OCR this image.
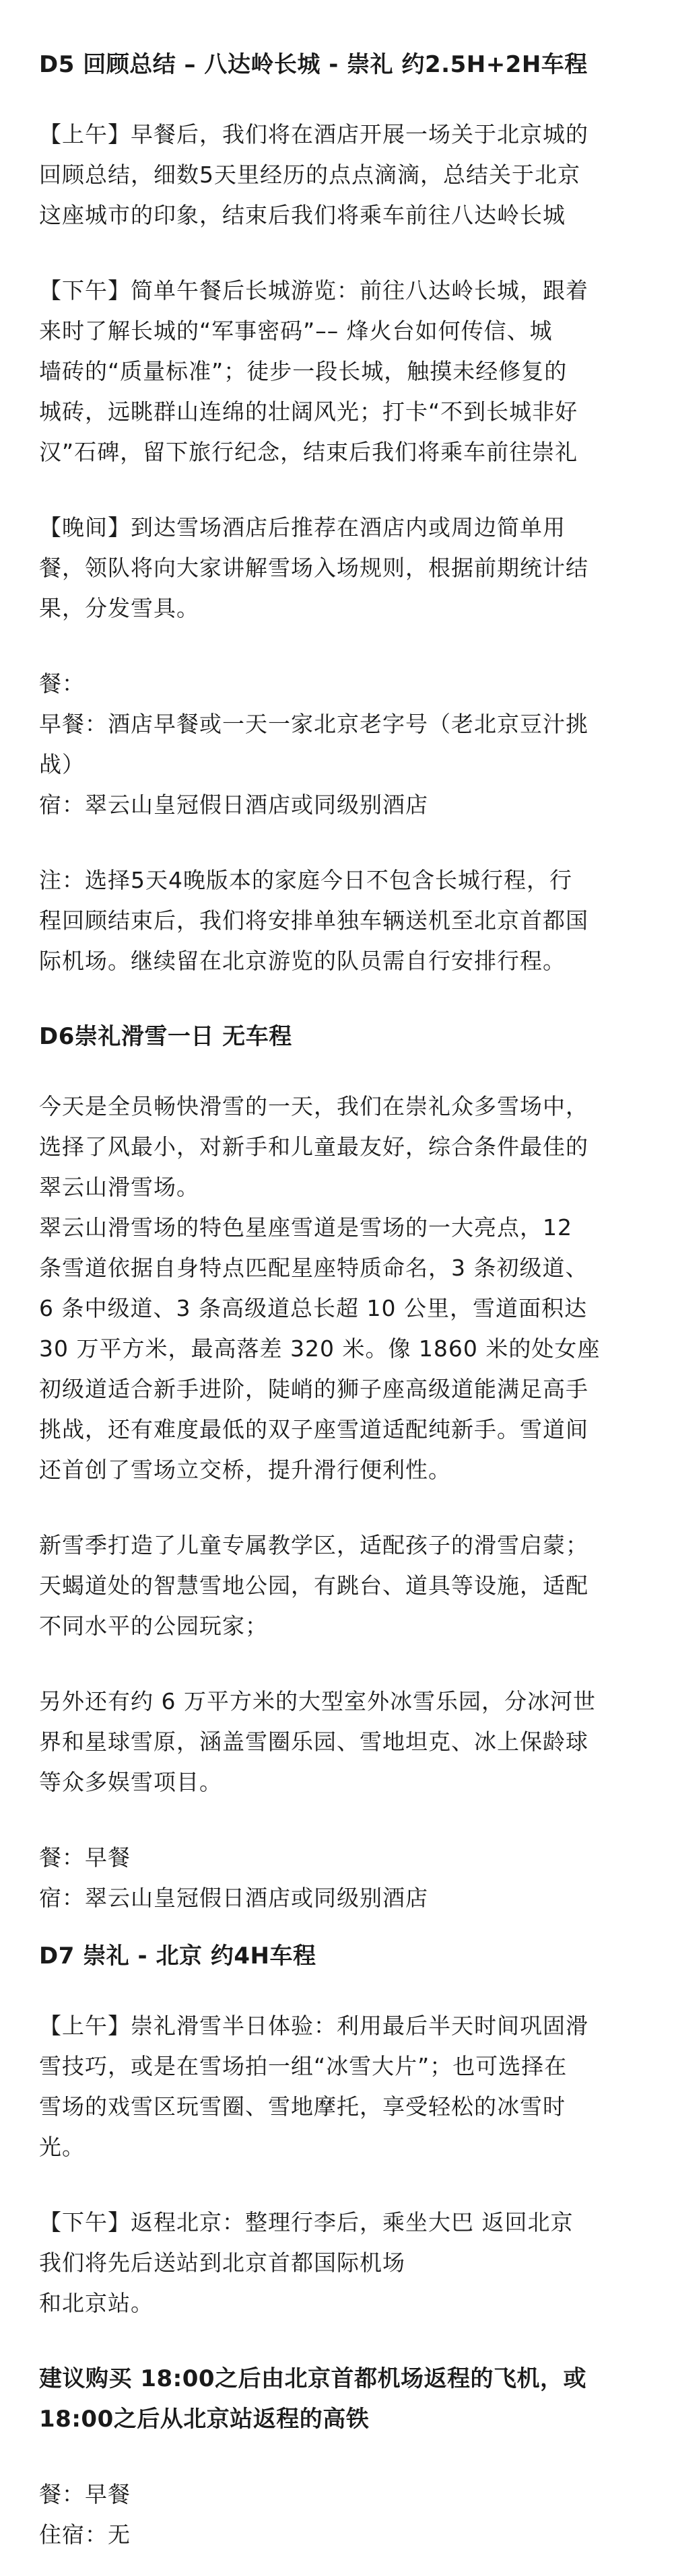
D5 回顾总结 – 八达岭长城 - 崇礼 约2.5H+2H车程
【上午】早餐后，我们将在酒店开展一场关于北京城的
回顾总结，细数5天里经历的点点滴滴，总结关于北京
这座城市的印象，结束后我们将乘车前往八达岭长城
【下午】简单午餐后长城游览：前往八达岭长城，跟着
来时了解长城的“军事密码”–– 烽火台如何传信、城
墙砖的“质量标准”；徒步一段长城，触摸未经修复的
城砖，远眺群山连绵的壮阔风光；打卡“不到长城非好
汉”石碑，留下旅行纪念，结束后我们将乘车前往崇礼
【晚间】到达雪场酒店后推荐在酒店内或周边简单用
餐，领队将向大家讲解雪场入场规则，根据前期统计结
果，分发雪具。
餐：
早餐：酒店早餐或一天一家北京老字号（老北京豆汁挑
战）
宿：翠云山皇冠假日酒店或同级别酒店
注：选择5天4晚版本的家庭今日不包含长城行程，行
程回顾结束后，我们将安排单独车辆送机至北京首都国
际机场。继续留在北京游览的队员需自行安排行程。
D6崇礼滑雪一日 无车程
今天是全员畅快滑雪的一天，我们在崇礼众多雪场中，
选择了风最小，对新手和儿童最友好，综合条件最佳的
翠云山滑雪场。
翠云山滑雪场的特色星座雪道是雪场的一大亮点，12
条雪道依据自身特点匹配星座特质命名，3 条初级道、
6 条中级道、3 条高级道总长超 10 公里，雪道面积达
30 万平方米，最高落差 320 米。像 1860 米的处女座
初级道适合新手进阶，陡峭的狮子座高级道能满足高手
挑战，还有难度最低的双子座雪道适配纯新手。雪道间
还首创了雪场立交桥，提升滑行便利性。
新雪季打造了儿童专属教学区，适配孩子的滑雪启蒙；
天蝎道处的智慧雪地公园，有跳台、道具等设施，适配
不同水平的公园玩家；
另外还有约 6 万平方米的大型室外冰雪乐园，分冰河世
界和星球雪原，涵盖雪圈乐园、雪地坦克、冰上保龄球
等众多娱雪项目。
餐：早餐
宿：翠云山皇冠假日酒店或同级别酒店
D7 崇礼 - 北京 约4H车程
【上午】崇礼滑雪半日体验：利用最后半天时间巩固滑
雪技巧，或是在雪场拍一组“冰雪大片”；也可选择在
雪场的戏雪区玩雪圈、雪地摩托，享受轻松的冰雪时
光。
【下午】返程北京：整理行李后，乘坐大巴 返回北京
我们将先后送站到北京首都国际机场
和北京站。
建议购买 18:00之后由北京首都机场返程的飞机，或
18:00之后从北京站返程的高铁
餐：早餐
住宿：无
